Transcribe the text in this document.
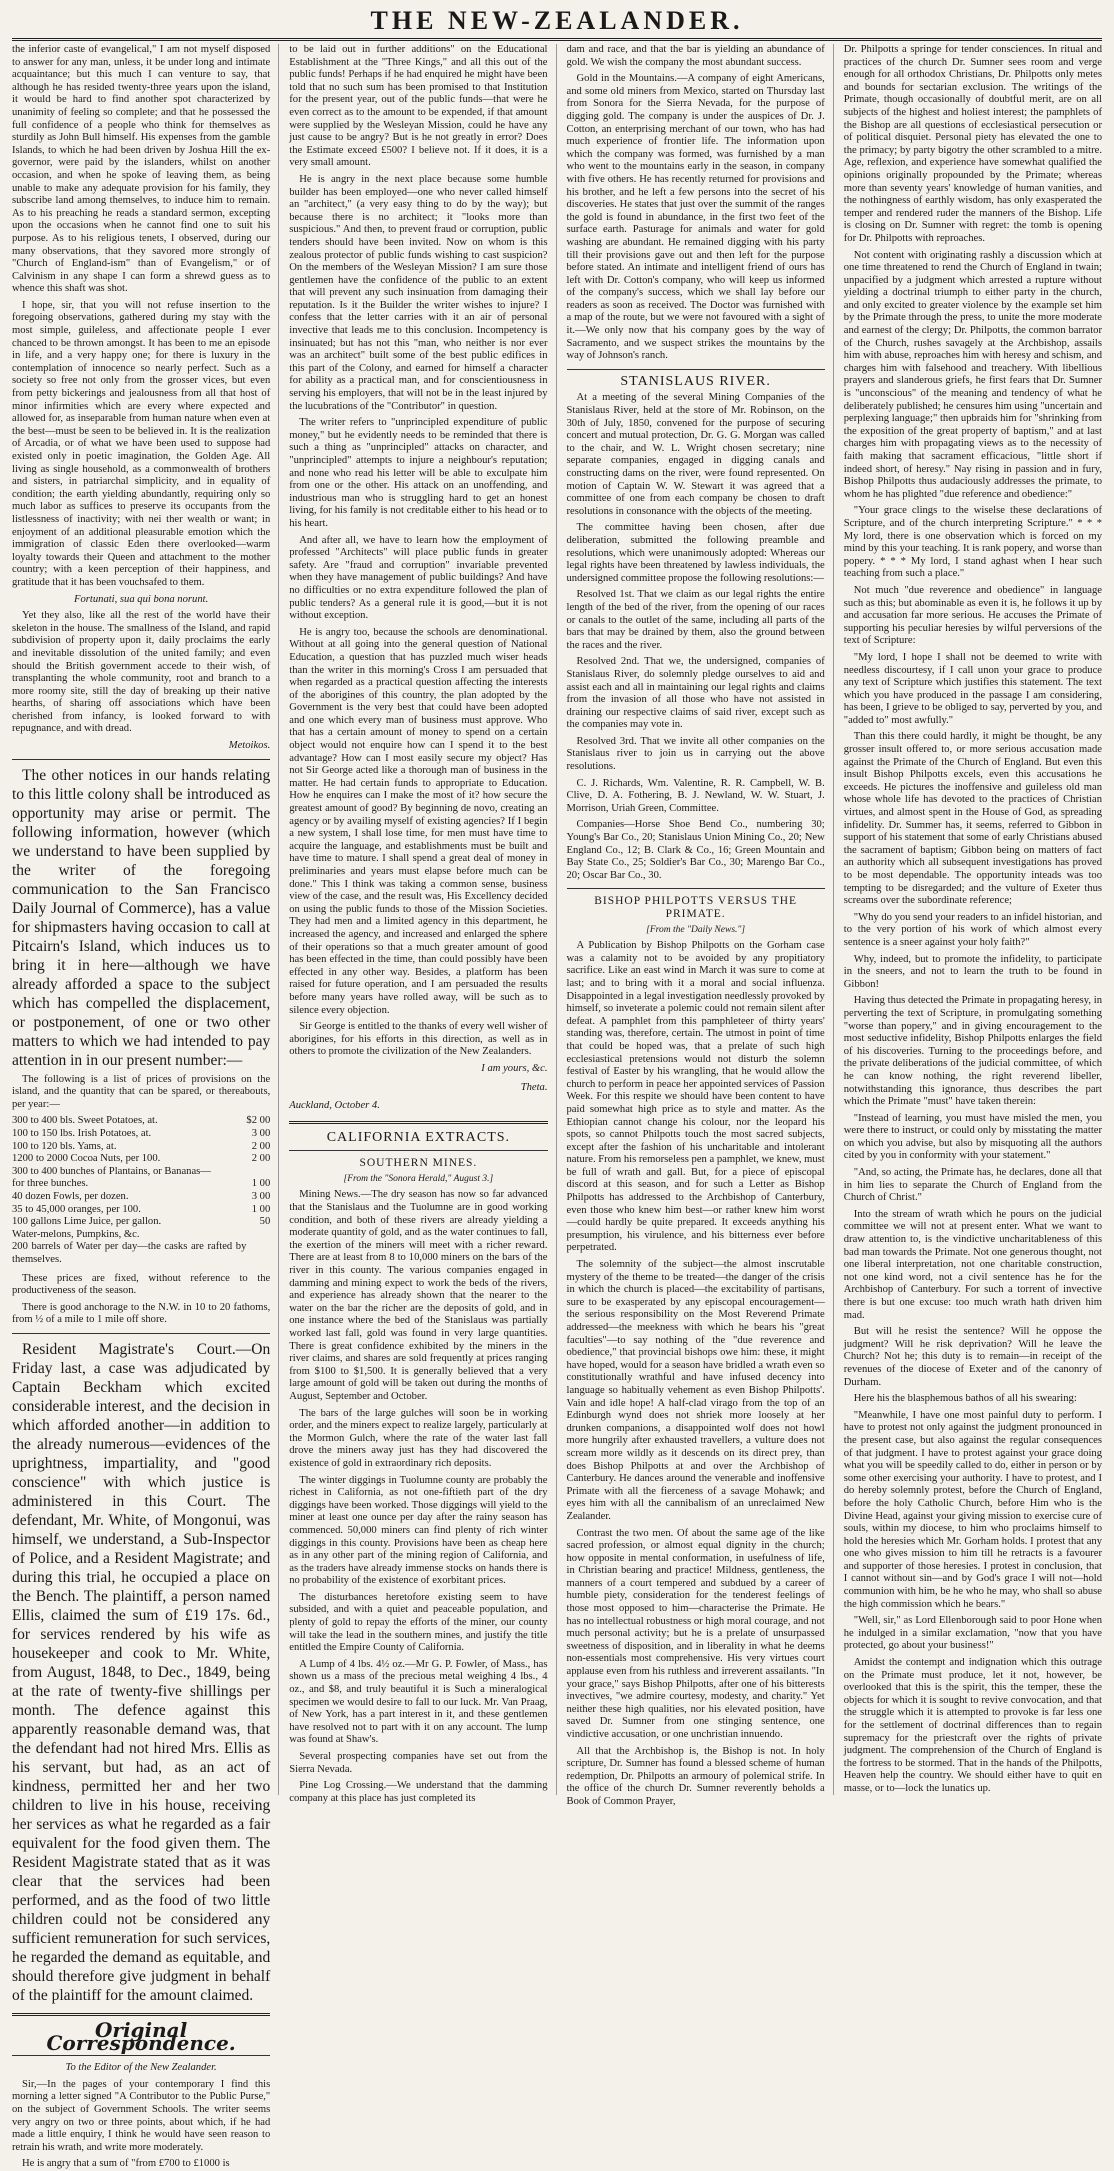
THE NEW-ZEALANDER.

the inferior caste of evangelical," I am not myself disposed to answer for any man, unless, it be under long and intimate acquaintance; but this much I can venture to say, that although he has resided twenty-three years upon the island, it would be hard to find another spot characterized by unanimity of feeling so complete; and that he possessed the full confidence of a people who think for themselves as sturdily as John Bull himself. His expenses from the gamble Islands, to which he had been driven by Joshua Hill the ex-governor, were paid by the islanders, whilst on another occasion, and when he spoke of leaving them, as being unable to make any adequate provision for his family, they subscribe land among themselves, to induce him to remain. As to his preaching he reads a standard sermon, excepting upon the occasions when he cannot find one to suit his purpose. As to his religious tenets, I observed, during our many observations, that they savored more strongly of "Church of England-ism" than of Evangelism," or of Calvinism in any shape I can form a shrewd guess as to whence this shaft was shot.

I hope, sir, that you will not refuse insertion to the foregoing observations, gathered during my stay with the most simple, guileless, and affectionate people I ever chanced to be thrown amongst. It has been to me an episode in life, and a very happy one; for there is luxury in the contemplation of innocence so nearly perfect. Such as a society so free not only from the grosser vices, but even from petty bickerings and jealousness from all that host of minor infirmities which are every where expected and allowed for, as inseparable from human nature when even at the best—must be seen to be believed in. It is the realization of Arcadia, or of what we have been used to suppose had existed only in poetic imagination, the Golden Age. All living as single household, as a commonwealth of brothers and sisters, in patriarchal simplicity, and in equality of condition; the earth yielding abundantly, requiring only so much labor as suffices to preserve its occupants from the listlessness of inactivity; with nei ther wealth or want; in enjoyment of an additional pleasurable emotion which the immigration of classic Eden there overlooked—warm loyalty towards their Queen and attachment to the mother country; with a keen perception of their happiness, and gratitude that it has been vouchsafed to them.

Fortunati, sua qui bona norunt.

Yet they also, like all the rest of the world have their skeleton in the house. The smallness of the Island, and rapid subdivision of property upon it, daily proclaims the early and inevitable dissolution of the united family; and even should the British government accede to their wish, of transplanting the whole community, root and branch to a more roomy site, still the day of breaking up their native hearths, of sharing off associations which have been cherished from infancy, is looked forward to with repugnance, and with dread.

Metoikos.

The other notices in our hands relating to this little colony shall be introduced as opportunity may arise or permit. The following information, however (which we understand to have been supplied by the writer of the foregoing communication to the San Francisco Daily Journal of Commerce), has a value for shipmasters having occasion to call at Pitcairn's Island, which induces us to bring it in here—although we have already afforded a space to the subject which has compelled the displacement, or postponement, of one or two other matters to which we had intended to pay attention in in our present number:—

The following is a list of prices of provisions on the island, and the quantity that can be spared, or thereabouts, per year:—

300 to 400 bls. Sweet Potatoes, at.	$2 00
100 to 150 lbs. Irish Potatoes, at.	3 00
100 to 120 bls. Yams, at.	2 00
1200 to 2000 Cocoa Nuts, per 100.	2 00
300 to 400 bunches of Plantains, or Bananas—	
for three bunches.	1 00
40 dozen Fowls, per dozen.	3 00
35 to 45,000 oranges, per 100.	1 00
100 gallons Lime Juice, per gallon.	50
Water-melons, Pumpkins, &c.	
200 barrels of Water per day—the casks are rafted by themselves.	

These prices are fixed, without reference to the productiveness of the season.

There is good anchorage to the N.W. in 10 to 20 fathoms, from ½ of a mile to 1 mile off shore.

Resident Magistrate's Court.—On Friday last, a case was adjudicated by Captain Beckham which excited considerable interest, and the decision in which afforded another—in addition to the already numerous—evidences of the uprightness, impartiality, and "good conscience" with which justice is administered in this Court. The defendant, Mr. White, of Mongonui, was himself, we understand, a Sub-Inspector of Police, and a Resident Magistrate; and during this trial, he occupied a place on the Bench. The plaintiff, a person named Ellis, claimed the sum of £19 17s. 6d., for services rendered by his wife as housekeeper and cook to Mr. White, from August, 1848, to Dec., 1849, being at the rate of twenty-five shillings per month. The defence against this apparently reasonable demand was, that the defendant had not hired Mrs. Ellis as his servant, but had, as an act of kindness, permitted her and her two children to live in his house, receiving her services as what he regarded as a fair equivalent for the food given them. The Resident Magistrate stated that as it was clear that the services had been performed, and as the food of two little children could not be considered any sufficient remuneration for such services, he regarded the demand as equitable, and should therefore give judgment in behalf of the plaintiff for the amount claimed.

Original Correspondence.
To the Editor of the New Zealander.

Sir,—In the pages of your contemporary I find this morning a letter signed "A Contributor to the Public Purse," on the subject of Government Schools. The writer seems very angry on two or three points, about which, if he had made a little enquiry, I think he would have seen reason to retrain his wrath, and write more moderately.

He is angry that a sum of "from £700 to £1000 is

to be laid out in further additions" on the Educational Establishment at the "Three Kings," and all this out of the public funds! Perhaps if he had enquired he might have been told that no such sum has been promised to that Institution for the present year, out of the public funds—that were he even correct as to the amount to be expended, if that amount were supplied by the Wesleyan Mission, could he have any just cause to be angry? But is he not greatly in error? Does the Estimate exceed £500? I believe not. If it does, it is a very small amount.

He is angry in the next place because some humble builder has been employed—one who never called himself an "architect," (a very easy thing to do by the way); but because there is no architect; it "looks more than suspicious." And then, to prevent fraud or corruption, public tenders should have been invited. Now on whom is this zealous protector of public funds wishing to cast suspicion? On the members of the Wesleyan Mission? I am sure those gentlemen have the confidence of the public to an extent that will prevent any such insinuation from damaging their reputation. Is it the Builder the writer wishes to injure? I confess that the letter carries with it an air of personal invective that leads me to this conclusion. Incompetency is insinuated; but has not this "man, who neither is nor ever was an architect" built some of the best public edifices in this part of the Colony, and earned for himself a character for ability as a practical man, and for conscientiousness in serving his employers, that will not be in the least injured by the lucubrations of the "Contributor" in question.

The writer refers to "unprincipled expenditure of public money," but he evidently needs to be reminded that there is such a thing as "unprincipled" attacks on character, and "unprincipled" attempts to injure a neighbour's reputation; and none who read his letter will be able to exculpate him from one or the other. His attack on an unoffending, and industrious man who is struggling hard to get an honest living, for his family is not creditable either to his head or to his heart.

And after all, we have to learn how the employment of professed "Architects" will place public funds in greater safety. Are "fraud and corruption" invariable prevented when they have management of public buildings? And have no difficulties or no extra expenditure followed the plan of public tenders? As a general rule it is good,—but it is not without exception.

He is angry too, because the schools are denominational. Without at all going into the general question of National Education, a question that has puzzled much wiser heads than the writer in this morning's Cross I am persuaded that when regarded as a practical question affecting the interests of the aborigines of this country, the plan adopted by the Government is the very best that could have been adopted and one which every man of business must approve. Who that has a certain amount of money to spend on a certain object would not enquire how can I spend it to the best advantage? How can I most easily secure my object? Has not Sir George acted like a thorough man of business in the matter. He had certain funds to appropriate to Education. How he enquires can I make the most of it? how secure the greatest amount of good? By beginning de novo, creating an agency or by availing myself of existing agencies? If I begin a new system, I shall lose time, for men must have time to acquire the language, and establishments must be built and have time to mature. I shall spend a great deal of money in preliminaries and years must elapse before much can be done." This I think was taking a common sense, business view of the case, and the result was, His Excellency decided on using the public funds to those of the Mission Societies. They had men and a limited agency in this department, he increased the agency, and increased and enlarged the sphere of their operations so that a much greater amount of good has been effected in the time, than could possibly have been effected in any other way. Besides, a platform has been raised for future operation, and I am persuaded the results before many years have rolled away, will be such as to silence every objection.

Sir George is entitled to the thanks of every well wisher of aborigines, for his efforts in this direction, as well as in others to promote the civilization of the New Zealanders.

I am yours, &c.
Theta.

Auckland, October 4.

CALIFORNIA EXTRACTS.
SOUTHERN MINES.
[From the "Sonora Herald," August 3.]

Mining News.—The dry season has now so far advanced that the Stanislaus and the Tuolumne are in good working condition, and both of these rivers are already yielding a moderate quantity of gold, and as the water continues to fall, the exertion of the miners will meet with a richer reward. There are at least from 8 to 10,000 miners on the bars of the river in this county. The various companies engaged in damming and mining expect to work the beds of the rivers, and experience has already shown that the nearer to the water on the bar the richer are the deposits of gold, and in one instance where the bed of the Stanislaus was partially worked last fall, gold was found in very large quantities. There is great confidence exhibited by the miners in the river claims, and shares are sold frequently at prices ranging from $100 to $1,500. It is generally believed that a very large amount of gold will be taken out during the months of August, September and October.

The bars of the large gulches will soon be in working order, and the miners expect to realize largely, particularly at the Mormon Gulch, where the rate of the water last fall drove the miners away just has they had discovered the existence of gold in extraordinary rich deposits.

The winter diggings in Tuolumne county are probably the richest in California, as not one-fiftieth part of the dry diggings have been worked. Those diggings will yield to the miner at least one ounce per day after the rainy season has commenced. 50,000 miners can find plenty of rich winter diggings in this county. Provisions have been as cheap here as in any other part of the mining region of California, and as the traders have already immense stocks on hands there is no probability of the existence of exorbitant prices.

The disturbances heretofore existing seem to have subsided, and with a quiet and peaceable population, and plenty of gold to repay the efforts of the miner, our county will take the lead in the southern mines, and justify the title entitled the Empire County of California.

A Lump of 4 lbs. 4½ oz.—Mr G. P. Fowler, of Mass., has shown us a mass of the precious metal weighing 4 lbs., 4 oz., and $8, and truly beautiful it is Such a mineralogical specimen we would desire to fall to our luck. Mr. Van Praag, of New York, has a part interest in it, and these gentlemen have resolved not to part with it on any account. The lump was found at Shaw's.

Several prospecting companies have set out from the Sierra Nevada.

Pine Log Crossing.—We understand that the damming company at this place has just completed its

dam and race, and that the bar is yielding an abundance of gold. We wish the company the most abundant success.

Gold in the Mountains.—A company of eight Americans, and some old miners from Mexico, started on Thursday last from Sonora for the Sierra Nevada, for the purpose of digging gold. The company is under the auspices of Dr. J. Cotton, an enterprising merchant of our town, who has had much experience of frontier life. The information upon which the company was formed, was furnished by a man who went to the mountains early in the season, in company with five others. He has recently returned for provisions and his brother, and he left a few persons into the secret of his discoveries. He states that just over the summit of the ranges the gold is found in abundance, in the first two feet of the surface earth. Pasturage for animals and water for gold washing are abundant. He remained digging with his party till their provisions gave out and then left for the purpose before stated. An intimate and intelligent friend of ours has left with Dr. Cotton's company, who will keep us informed of the company's success, which we shall lay before our readers as soon as received. The Doctor was furnished with a map of the route, but we were not favoured with a sight of it.—We only now that his company goes by the way of Sacramento, and we suspect strikes the mountains by the way of Johnson's ranch.

STANISLAUS RIVER.

At a meeting of the several Mining Companies of the Stanislaus River, held at the store of Mr. Robinson, on the 30th of July, 1850, convened for the purpose of securing concert and mutual protection, Dr. G. G. Morgan was called to the chair, and W. L. Wright chosen secretary; nine separate companies, engaged in digging canals and constructing dams on the river, were found represented. On motion of Captain W. W. Stewart it was agreed that a committee of one from each company be chosen to draft resolutions in consonance with the objects of the meeting.

The committee having been chosen, after due deliberation, submitted the following preamble and resolutions, which were unanimously adopted: Whereas our legal rights have been threatened by lawless individuals, the undersigned committee propose the following resolutions:—

Resolved 1st. That we claim as our legal rights the entire length of the bed of the river, from the opening of our races or canals to the outlet of the same, including all parts of the bars that may be drained by them, also the ground between the races and the river.

Resolved 2nd. That we, the undersigned, companies of Stanislaus River, do solemnly pledge ourselves to aid and assist each and all in maintaining our legal rights and claims from the invasion of all those who have not assisted in draining our respective claims of said river, except such as the companies may vote in.

Resolved 3rd. That we invite all other companies on the Stanislaus river to join us in carrying out the above resolutions.

C. J. Richards, Wm. Valentine, R. R. Campbell, W. B. Clive, D. A. Fothering, B. J. Newland, W. W. Stuart, J. Morrison, Uriah Green, Committee.

Companies—Horse Shoe Bend Co., numbering 30; Young's Bar Co., 20; Stanislaus Union Mining Co., 20; New England Co., 12; B. Clark & Co., 16; Green Mountain and Bay State Co., 25; Soldier's Bar Co., 30; Marengo Bar Co., 20; Oscar Bar Co., 30.

BISHOP PHILPOTTS VERSUS THE PRIMATE.
[From the "Daily News."]

A Publication by Bishop Philpotts on the Gorham case was a calamity not to be avoided by any propitiatory sacrifice. Like an east wind in March it was sure to come at last; and to bring with it a moral and social influenza. Disappointed in a legal investigation needlessly provoked by himself, so inveterate a polemic could not remain silent after defeat. A pamphlet from this pamphleteer of thirty years' standing was, therefore, certain. The utmost in point of time that could be hoped was, that a prelate of such high ecclesiastical pretensions would not disturb the solemn festival of Easter by his wrangling, that he would allow the church to perform in peace her appointed services of Passion Week. For this respite we should have been content to have paid somewhat high price as to style and matter. As the Ethiopian cannot change his colour, nor the leopard his spots, so cannot Philpotts touch the most sacred subjects, except after the fashion of his uncharitable and intolerant nature. From his remorseless pen a pamphlet, we knew, must be full of wrath and gall. But, for a piece of episcopal discord at this season, and for such a Letter as Bishop Philpotts has addressed to the Archbishop of Canterbury, even those who knew him best—or rather knew him worst—could hardly be quite prepared. It exceeds anything his presumption, his virulence, and his bitterness ever before perpetrated.

The solemnity of the subject—the almost inscrutable mystery of the theme to be treated—the danger of the crisis in which the church is placed—the excitability of partisans, sure to be exasperated by any episcopal encouragement—the serious responsibility on the Most Reverend Primate addressed—the meekness with which he bears his "great faculties"—to say nothing of the "due reverence and obedience," that provincial bishops owe him: these, it might have hoped, would for a season have bridled a wrath even so constitutionally wrathful and have infused decency into language so habitually vehement as even Bishop Philpotts'. Vain and idle hope! A half-clad virago from the top of an Edinburgh wynd does not shriek more loosely at her drunken companions, a disappointed wolf does not howl more hungrily after exhausted travellers, a vulture does not scream more wildly as it descends on its direct prey, than does Bishop Philpotts at and over the Archbishop of Canterbury. He dances around the venerable and inoffensive Primate with all the fierceness of a savage Mohawk; and eyes him with all the cannibalism of an unreclaimed New Zealander.

Contrast the two men. Of about the same age of the like sacred profession, or almost equal dignity in the church; how opposite in mental conformation, in usefulness of life, in Christian bearing and practice! Mildness, gentleness, the manners of a court tempered and subdued by a career of humble piety, consideration for the tenderest feelings of those most opposed to him—characterise the Primate. He has no intellectual robustness or high moral courage, and not much personal activity; but he is a prelate of unsurpassed sweetness of disposition, and in liberality in what he deems non-essentials most comprehensive. His very virtues court applause even from his ruthless and irreverent assailants. "In your grace," says Bishop Philpotts, after one of his bitterests invectives, "we admire courtesy, modesty, and charity." Yet neither these high qualities, nor his elevated position, have saved Dr. Sumner from one stinging sentence, one vindictive accusation, or one unchristian innuendo.

All that the Archbishop is, the Bishop is not. In holy scripture, Dr. Sumner has found a blessed scheme of human redemption, Dr. Philpotts an armoury of polemical strife. In the office of the church Dr. Sumner reverently beholds a Book of Common Prayer,

Dr. Philpotts a springe for tender consciences. In ritual and practices of the church Dr. Sumner sees room and verge enough for all orthodox Christians, Dr. Philpotts only metes and bounds for sectarian exclusion. The writings of the Primate, though occasionally of doubtful merit, are on all subjects of the highest and holiest interest; the pamphlets of the Bishop are all questions of ecclesiastical persecution or of political disquiet. Personal piety has elevated the one to the primacy; by party bigotry the other scrambled to a mitre. Age, reflexion, and experience have somewhat qualified the opinions originally propounded by the Primate; whereas more than seventy years' knowledge of human vanities, and the nothingness of earthly wisdom, has only exasperated the temper and rendered ruder the manners of the Bishop. Life is closing on Dr. Sumner with regret: the tomb is opening for Dr. Philpotts with reproaches.

Not content with originating rashly a discussion which at one time threatened to rend the Church of England in twain; unpacified by a judgment which arrested a rupture without yielding a doctrinal triumph to either party in the church, and only excited to greater violence by the example set him by the Primate through the press, to unite the more moderate and earnest of the clergy; Dr. Philpotts, the common barrator of the Church, rushes savagely at the Archbishop, assails him with abuse, reproaches him with heresy and schism, and charges him with falsehood and treachery. With libellious prayers and slanderous griefs, he first fears that Dr. Sumner is "unconscious" of the meaning and tendency of what he deliberately published; he censures him using "uncertain and perplexing language;" then upbraids him for "shrinking from the exposition of the great property of baptism," and at last charges him with propagating views as to the necessity of faith making that sacrament efficacious, "little short if indeed short, of heresy." Nay rising in passion and in fury, Bishop Philpotts thus audaciously addresses the primate, to whom he has plighted "due reference and obedience:"

"Your grace clings to the wiselse these declarations of Scripture, and of the church interpreting Scripture." * * * My lord, there is one observation which is forced on my mind by this your teaching. It is rank popery, and worse than popery. * * * My lord, I stand aghast when I hear such teaching from such a place."

Not much "due reverence and obedience" in language such as this; but abominable as even it is, he follows it up by and accusation far more serious. He accuses the Primate of supporting his peculiar heresies by wilful perversions of the text of Scripture:

"My lord, I hope I shall not be deemed to write with needless discourtesy, if I call unon your grace to produce any text of Scripture which justifies this statement. The text which you have produced in the passage I am considering, has been, I grieve to be obliged to say, perverted by you, and "added to" most awfully."

Than this there could hardly, it might be thought, be any grosser insult offered to, or more serious accusation made against the Primate of the Church of England. But even this insult Bishop Philpotts excels, even this accusations he exceeds. He pictures the inoffensive and guileless old man whose whole life has devoted to the practices of Christian virtues, and almost spent in the House of God, as spreading infidelity. Dr. Summer has, it seems, referred to Gibbon in support of his statement that some of early Christians abused the sacrament of baptism; Gibbon being on matters of fact an authority which all subsequent investigations has proved to be most dependable. The opportunity inteads was too tempting to be disregarded; and the vulture of Exeter thus screams over the subordinate reference;

"Why do you send your readers to an infidel historian, and to the very portion of his work of which almost every sentence is a sneer against your holy faith?"

Why, indeed, but to promote the infidelity, to participate in the sneers, and not to learn the truth to be found in Gibbon!

Having thus detected the Primate in propagating heresy, in perverting the text of Scripture, in promulgating something "worse than popery," and in giving encouragement to the most seductive infidelity, Bishop Philpotts enlarges the field of his discoveries. Turning to the proceedings before, and the private deliberations of the judicial committee, of which he can know nothing, the right reverend libeller, notwithstanding this ignorance, thus describes the part which the Primate "must" have taken therein:

"Instead of learning, you must have misled the men, you were there to instruct, or could only by misstating the matter on which you advise, but also by misquoting all the authors cited by you in conformity with your statement."

"And, so acting, the Primate has, he declares, done all that in him lies to separate the Church of England from the Church of Christ."

Into the stream of wrath which he pours on the judicial committee we will not at present enter. What we want to draw attention to, is the vindictive uncharitableness of this bad man towards the Primate. Not one generous thought, not one liberal interpretation, not one charitable construction, not one kind word, not a civil sentence has he for the Archbishop of Canterbury. For such a torrent of invective there is but one excuse: too much wrath hath driven him mad.

But will he resist the sentence? Will he oppose the judgment? Will he risk deprivation? Will he leave the Church? Not he; this duty is to remain—in receipt of the revenues of the diocese of Exeter and of the canonry of Durham.

Here his the blasphemous bathos of all his swearing:

"Meanwhile, I have one most painful duty to perform. I have to protest not only against the judgment pronounced in the present case, but also against the regular consequences of that judgment. I have to protest against your grace doing what you will be speedily called to do, either in person or by some other exercising your authority. I have to protest, and I do hereby solemnly protest, before the Church of England, before the holy Catholic Church, before Him who is the Divine Head, against your giving mission to exercise cure of souls, within my diocese, to him who proclaims himself to hold the heresies which Mr. Gorham holds. I protest that any one who gives mission to him till he retracts is a favourer and supporter of those heresies. I protest in conclusion, that I cannot without sin—and by God's grace I will not—hold communion with him, be he who he may, who shall so abuse the high commission which he bears."

"Well, sir," as Lord Ellenborough said to poor Hone when he indulged in a similar exclamation, "now that you have protected, go about your business!"

Amidst the contempt and indignation which this outrage on the Primate must produce, let it not, however, be overlooked that this is the spirit, this the temper, these the objects for which it is sought to revive convocation, and that the struggle which it is attempted to provoke is far less one for the settlement of doctrinal differences than to regain supremacy for the priestcraft over the rights of private judgment. The comprehension of the Church of England is the fortress to be stormed. That in the hands of the Philpotts, Heaven help the country. We should either have to quit en masse, or to—lock the lunatics up.
